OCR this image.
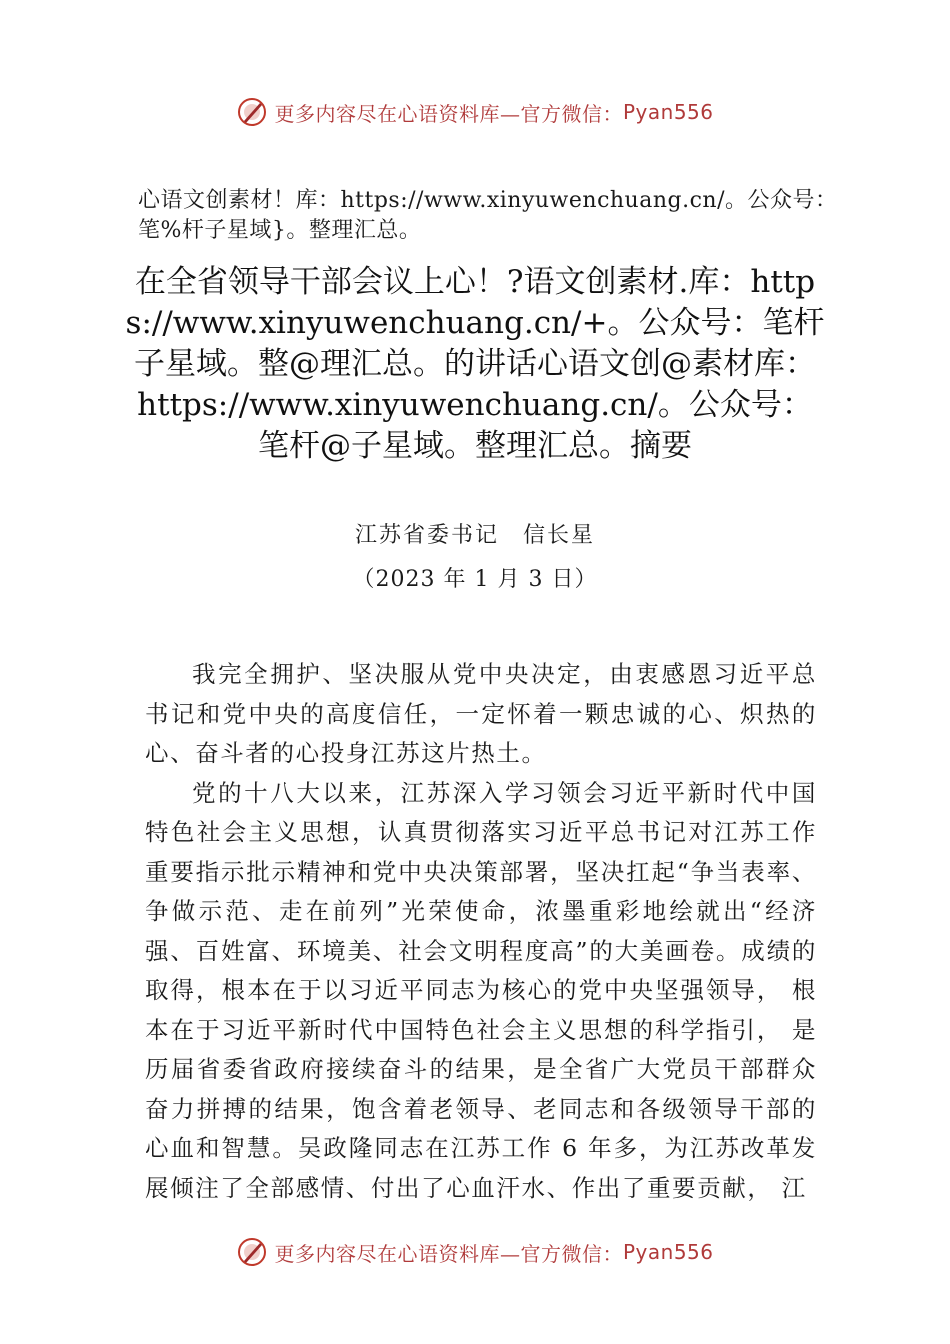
更多内容尽在心语资料库—官方微信： Pyan556
心语文创素材！库：https://www.xinyuwenchuang.cn/。公众号：笔%杆子星域}。整理汇总。
在全省领导干部会议上心！?语文创素材.库：https://www.xinyuwenchuang.cn/+。公众号：笔杆子星域。整@理汇总。的讲话心语文创@素材库：https://www.xinyuwenchuang.cn/。公众号：笔杆@子星域。整理汇总。摘要
江苏省委书记　信长星
（2023 年 1 月 3 日）

我完全拥护、坚决服从党中央决定，由衷感恩习近平总书记和党中央的高度信任，一定怀着一颗忠诚的心、炽热的心、奋斗者的心投身江苏这片热土。

党的十八大以来，江苏深入学习领会习近平新时代中国特色社会主义思想，认真贯彻落实习近平总书记对江苏工作重要指示批示精神和党中央决策部署，坚决扛起“争当表率、争做示范、走在前列”光荣使命，浓墨重彩地绘就出“经济强、百姓富、环境美、社会文明程度高”的大美画卷。成绩的取得，根本在于以习近平同志为核心的党中央坚强领导， 根本在于习近平新时代中国特色社会主义思想的科学指引， 是历届省委省政府接续奋斗的结果，是全省广大党员干部群众奋力拼搏的结果，饱含着老领导、老同志和各级领导干部的心血和智慧。吴政隆同志在江苏工作 6 年多，为江苏改革发展倾注了全部感情、付出了心血汗水、作出了重要贡献， 江

更多内容尽在心语资料库—官方微信： Pyan556
